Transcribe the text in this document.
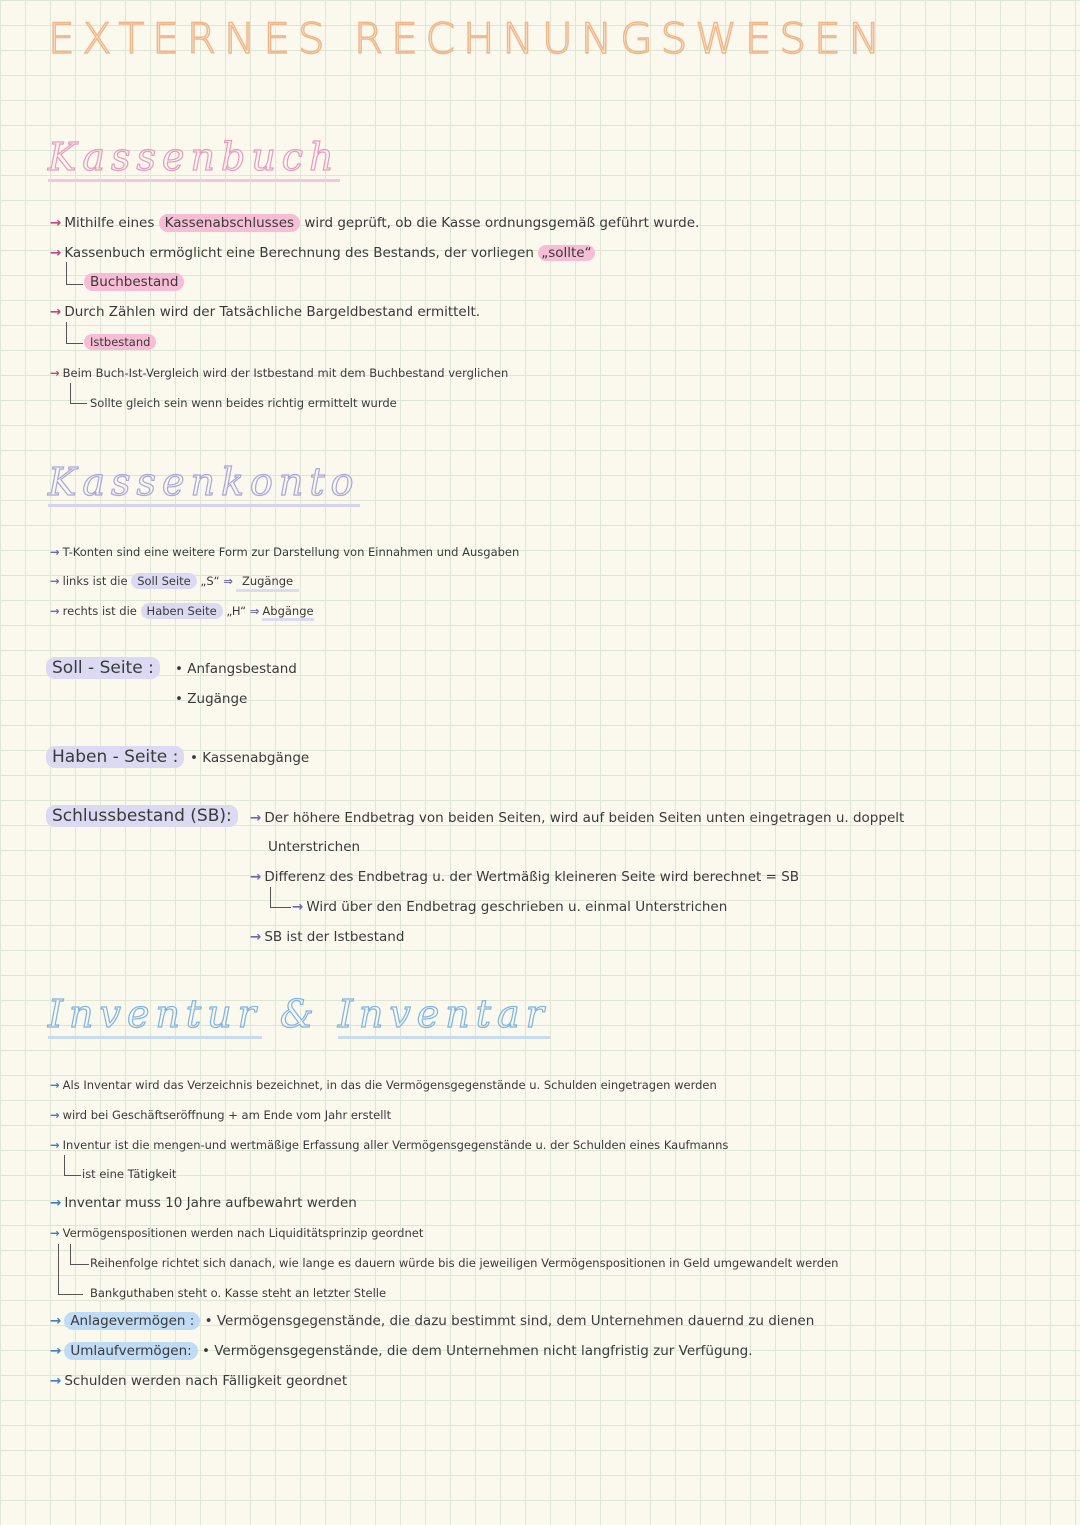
EXTERNES RECHNUNGSWESEN
Kassenbuch
→ Mithilfe eines Kassenabschlusses wird geprüft, ob die Kasse ordnungsgemäß geführt wurde.
→ Kassenbuch ermöglicht eine Berechnung des Bestands, der vorliegen „sollte“
Buchbestand
→ Durch Zählen wird der Tatsächliche Bargeldbestand ermittelt.
Istbestand
→ Beim Buch-Ist-Vergleich wird der Istbestand mit dem Buchbestand verglichen
Sollte gleich sein wenn beides richtig ermittelt wurde
Kassenkonto
→ T-Konten sind eine weitere Form zur Darstellung von Einnahmen und Ausgaben
→ links ist die Soll Seite „S“ ⇒ Zugänge
→ rechts ist die Haben Seite „H“ ⇒ Abgänge
Soll - Seite :	• Anfangsbestand
• Zugänge
Haben - Seite : • Kassenabgänge
Schlussbestand (SB):	→ Der höhere Endbetrag von beiden Seiten, wird auf beiden Seiten unten eingetragen u. doppelt
Unterstrichen
→ Differenz des Endbetrag u. der Wertmäßig kleineren Seite wird berechnet = SB
→ Wird über den Endbetrag geschrieben u. einmal Unterstrichen
→ SB ist der Istbestand
Inventur & Inventar
→ Als Inventar wird das Verzeichnis bezeichnet, in das die Vermögensgegenstände u. Schulden eingetragen werden
→ wird bei Geschäftseröffnung + am Ende vom Jahr erstellt
→ Inventur ist die mengen-und wertmäßige Erfassung aller Vermögensgegenstände u. der Schulden eines Kaufmanns
ist eine Tätigkeit
→ Inventar muss 10 Jahre aufbewahrt werden
→ Vermögenspositionen werden nach Liquiditätsprinzip geordnet
Reihenfolge richtet sich danach, wie lange es dauern würde bis die jeweiligen Vermögenspositionen in Geld umgewandelt werden
Bankguthaben steht o. Kasse steht an letzter Stelle
→ Anlagevermögen : • Vermögensgegenstände, die dazu bestimmt sind, dem Unternehmen dauernd zu dienen
→ Umlaufvermögen: • Vermögensgegenstände, die dem Unternehmen nicht langfristig zur Verfügung.
→ Schulden werden nach Fälligkeit geordnet
